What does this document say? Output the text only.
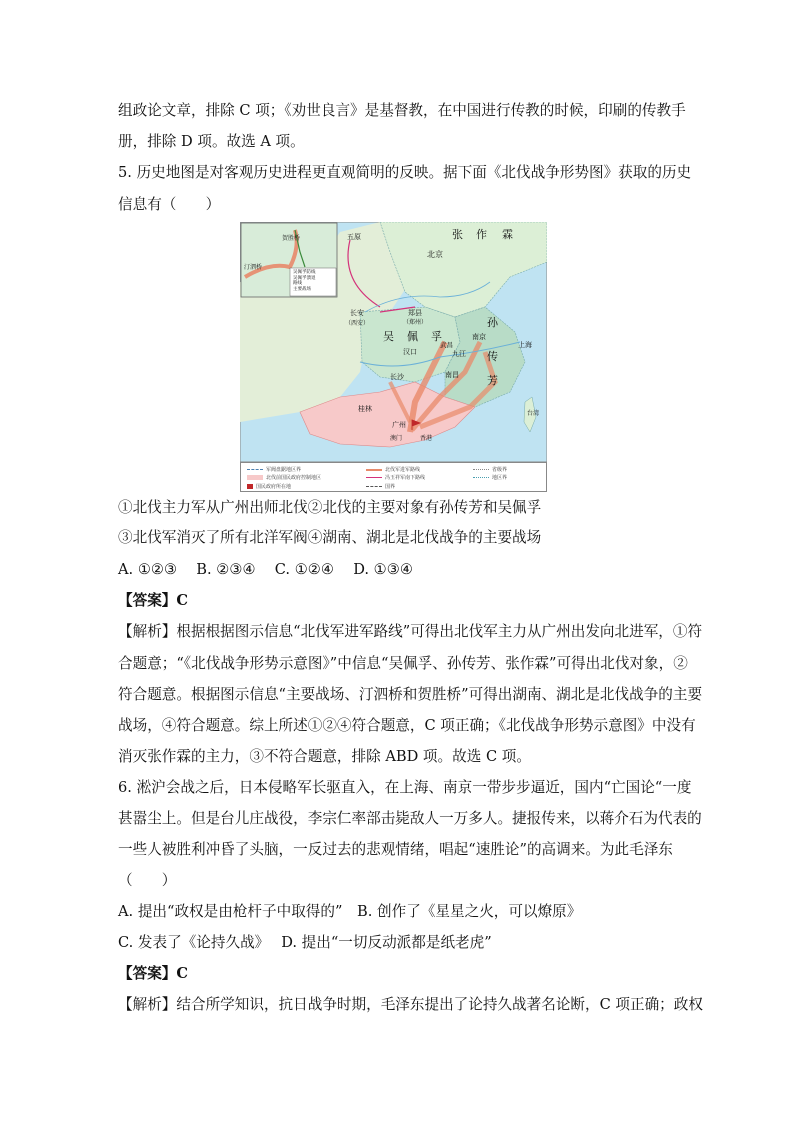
组政论文章，排除 C 项；《劝世良言》是基督教，在中国进行传教的时候，印刷的传教手
册，排除 D 项。故选 A 项。
5. 历史地图是对客观历史进程更直观简明的反映。据下面《北伐战争形势图》获取的历史
信息有（　　）
贺胜桥
汀泗桥
吴佩孚防线
吴佩孚溃退
路线
主要战场
五原
北京
张 作 霖
长安
（西安）
郑县
（郑州）
吴 佩 孚
孙
传
芳
南京
上海
汉口
武昌
九江
长沙	南昌
桂林
广州
澳门	香港
台湾
军阀盘踞地区界
北伐前国民政府控制地区
国民政府所在地
北伐军进军路线
冯玉祥军南下路线
国界
省级界
地区界
①北伐主力军从广州出师北伐②北伐的主要对象有孙传芳和吴佩孚
③北伐军消灭了所有北洋军阀④湖南、湖北是北伐战争的主要战场
A. ①②③　 B. ②③④　 C. ①②④　 D. ①③④
【答案】C
【解析】根据根据图示信息“北伐军进军路线”可得出北伐军主力从广州出发向北进军，①符
合题意；“《北伐战争形势示意图》”中信息“吴佩孚、孙传芳、张作霖”可得出北伐对象，②
符合题意。根据图示信息“主要战场、汀泗桥和贺胜桥”可得出湖南、湖北是北伐战争的主要
战场，④符合题意。综上所述①②④符合题意，C 项正确；《北伐战争形势示意图》中没有
消灭张作霖的主力，③不符合题意，排除 ABD 项。故选 C 项。
6. 淞沪会战之后，日本侵略军长驱直入，在上海、南京一带步步逼近，国内“亡国论“一度
甚嚣尘上。但是台儿庄战役，李宗仁率部击毙敌人一万多人。捷报传来，以蒋介石为代表的
一些人被胜利冲昏了头脑，一反过去的悲观情绪，唱起“速胜论”的高调来。为此毛泽东
（　　）
A. 提出“政权是由枪杆子中取得的”　B. 创作了《星星之火，可以燎原》
C. 发表了《论持久战》　 D. 提出“一切反动派都是纸老虎”
【答案】C
【解析】结合所学知识，抗日战争时期，毛泽东提出了论持久战著名论断，C 项正确；政权
